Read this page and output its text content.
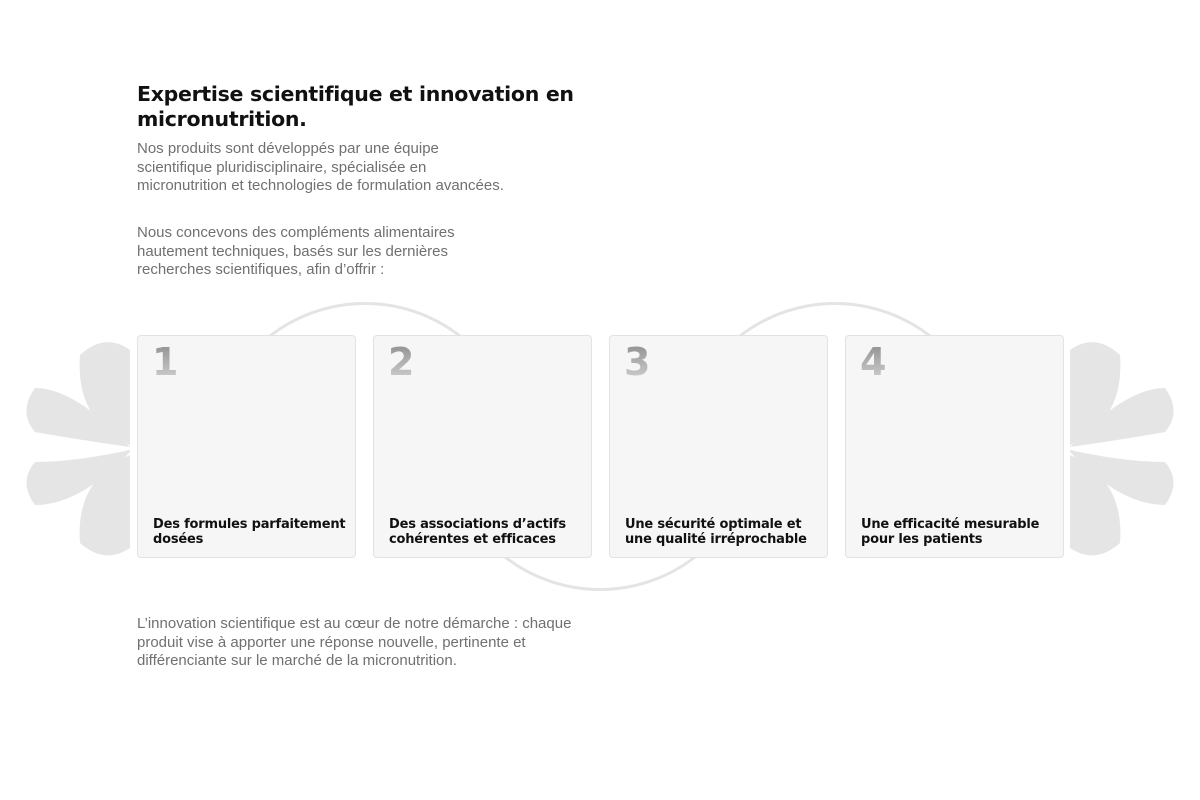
Expertise scientifique et innovation en micronutrition.

Nos produits sont développés par une équipe scientifique pluridisciplinaire, spécialisée en micronutrition et technologies de formulation avancées.

Nous concevons des compléments alimentaires hautement techniques, basés sur les dernières recherches scientifiques, afin d’offrir :

1
Des formules parfaitement dosées
2
Des associations d’actifs cohérentes et efficaces
3
Une sécurité optimale et une qualité irréprochable
4
Une efficacité mesurable pour les patients

L’innovation scientifique est au cœur de notre démarche : chaque produit vise à apporter une réponse nouvelle, pertinente et différenciante sur le marché de la micronutrition.
